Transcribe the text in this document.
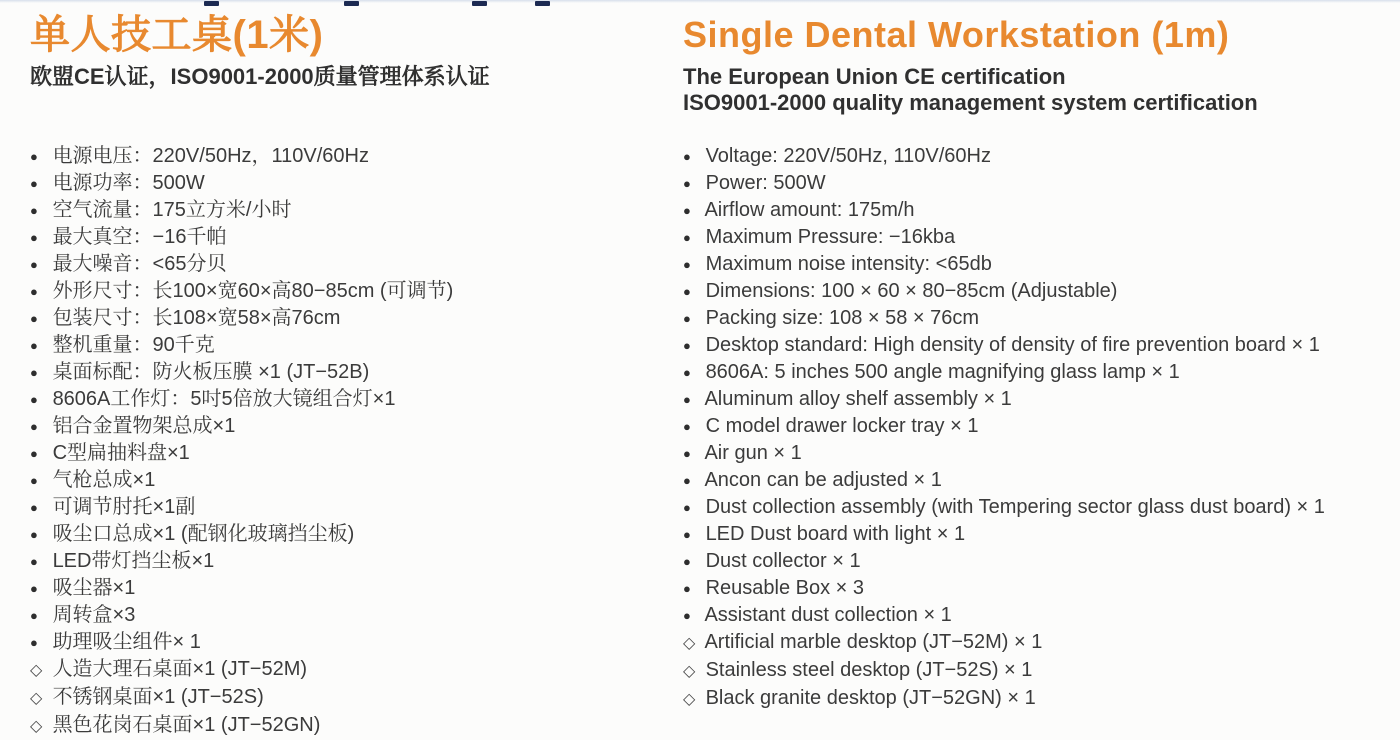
单人技工桌(1米)
欧盟CE认证，ISO9001-2000质量管理体系认证
● 电源电压：220V/50Hz，110V/60Hz
● 电源功率：500W
● 空气流量：175立方米/小时
● 最大真空：−16千帕
● 最大噪音：<65分贝
● 外形尺寸：长100×宽60×高80−85cm (可调节)
● 包装尺寸：长108×宽58×高76cm
● 整机重量：90千克
● 桌面标配：防火板压膜 ×1 (JT−52B)
● 8606A工作灯：5吋5倍放大镜组合灯×1
● 铝合金置物架总成×1
● C型扁抽料盘×1
● 气枪总成×1
● 可调节肘托×1副
● 吸尘口总成×1 (配钢化玻璃挡尘板)
● LED带灯挡尘板×1
● 吸尘器×1
● 周转盒×3
● 助理吸尘组件× 1
◇ 人造大理石桌面×1 (JT−52M)
◇ 不锈钢桌面×1 (JT−52S)
◇ 黑色花岗石桌面×1 (JT−52GN)
Single Dental Workstation (1m)
The European Union CE certification
ISO9001-2000 quality management system certification
● Voltage: 220V/50Hz, 110V/60Hz
● Power: 500W
● Airflow amount: 175m/h
● Maximum Pressure: −16kba
● Maximum noise intensity: <65db
● Dimensions: 100 × 60 × 80−85cm (Adjustable)
● Packing size: 108 × 58 × 76cm
● Desktop standard: High density of density of fire prevention board × 1
● 8606A: 5 inches 500 angle magnifying glass lamp × 1
● Aluminum alloy shelf assembly × 1
● C model drawer locker tray × 1
● Air gun × 1
● Ancon can be adjusted × 1
● Dust collection assembly (with Tempering sector glass dust board) × 1
● LED Dust board with light × 1
● Dust collector × 1
● Reusable Box × 3
● Assistant dust collection × 1
◇ Artificial marble desktop (JT−52M) × 1
◇ Stainless steel desktop (JT−52S) × 1
◇ Black granite desktop (JT−52GN) × 1
